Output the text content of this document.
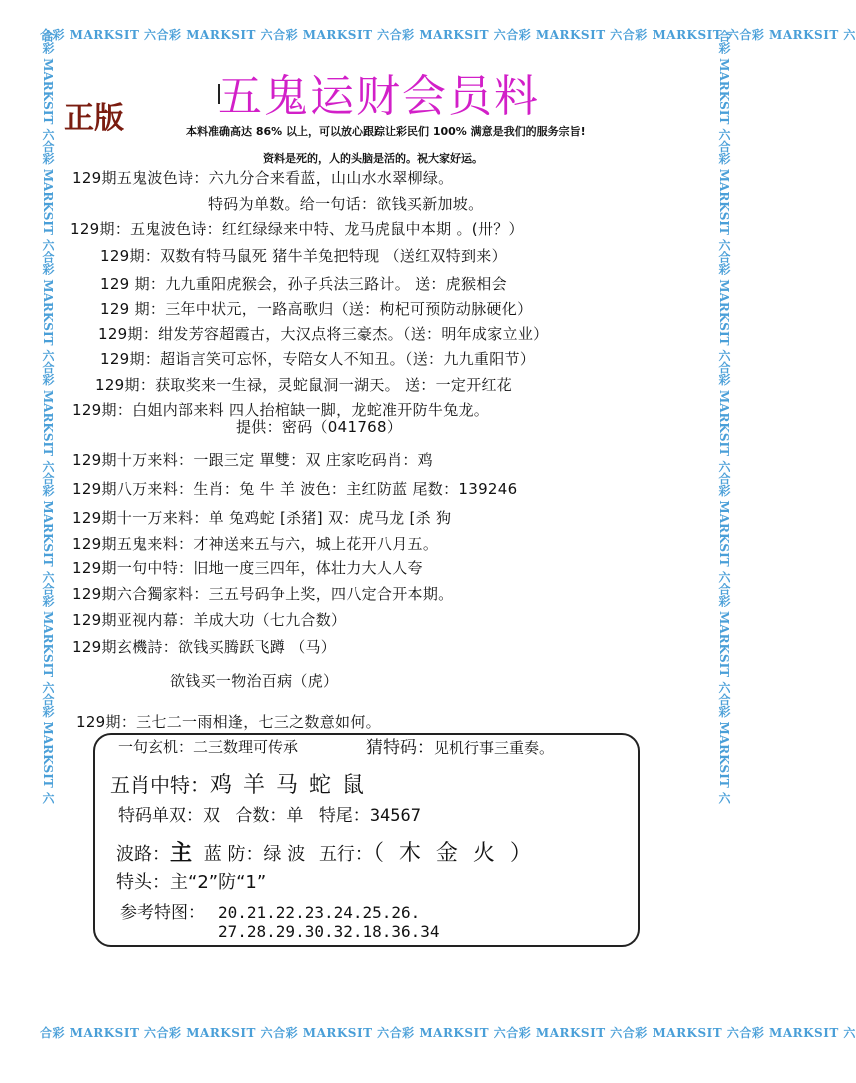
合彩 MARKSIT 六合彩 MARKSIT 六合彩 MARKSIT 六合彩 MARKSIT 六合彩 MARKSIT 六合彩 MARKSIT 六合彩 MARKSIT 六
合彩 MARKSIT 六合彩 MARKSIT 六合彩 MARKSIT 六合彩 MARKSIT 六合彩 MARKSIT 六合彩 MARKSIT 六合彩 MARKSIT 六
合彩 MARKSIT 六合彩 MARKSIT 六合彩 MARKSIT 六合彩 MARKSIT 六合彩 MARKSIT 六合彩 MARKSIT 六合彩 MARKSIT 六	合彩 MARKSIT 六合彩 MARKSIT 六合彩 MARKSIT 六合彩 MARKSIT 六合彩 MARKSIT 六合彩 MARKSIT 六合彩 MARKSIT 六
正版 五鬼运财会员料
本料准确高达 86% 以上，可以放心跟踪让彩民们 100% 满意是我们的服务宗旨!
资料是死的，人的头脑是活的。祝大家好运。
129期五鬼波色诗：六九分合来看蓝，山山水水翠柳绿。
特码为单数。给一句话：欲钱买新加坡。
129期：五鬼波色诗：红红绿绿来中特、龙马虎鼠中本期 。(卅？）
129期：双数有特马鼠死 猪牛羊兔把特现 （送红双特到来）
129 期：九九重阳虎猴会，孙子兵法三路计。 送：虎猴相会
129 期：三年中状元，一路高歌归（送：枸杞可预防动脉硬化）
129期：绀发芳容超霞古，大汉点将三豪杰。（送：明年成家立业）
129期：超诣言笑可忘怀，专陪女人不知丑。（送：九九重阳节）
129期：获取奖来一生禄，灵蛇鼠洞一湖天。 送：一定开红花
129期：白姐内部来料 四人抬棺缺一脚，龙蛇准开防牛兔龙。
提供：密码（041768）
129期十万来料：一跟三定 單雙：双 庄家吃码肖：鸡
129期八万来料：生肖：兔 牛 羊 波色：主红防蓝 尾数：139246
129期十一万来料：单 兔鸡蛇 [杀猪] 双：虎马龙 [杀 狗
129期五鬼来料：才神送来五与六，城上花开八月五。
129期一句中特：旧地一度三四年，体壮力大人人夸
129期六合獨家料：三五号码争上奖，四八定合开本期。
129期亚视内幕：羊成大功（七九合数）
129期玄機詩：欲钱买腾跃飞蹲 （马）
欲钱买一物治百病（虎）
129期：三七二一雨相逢，七三之数意如何。
一句玄机：二三数理可传承	猜特码：见机行事三重奏。
五肖中特：鸡 羊 马 蛇 鼠
特码单双：双 合数：单 特尾：34567
波路：主 蓝 防：绿 波 五行：（ 木 金 火 ）
特头：主“2”防“1”
参考特图： 20.21.22.23.24.25.26.
27.28.29.30.32.18.36.34
